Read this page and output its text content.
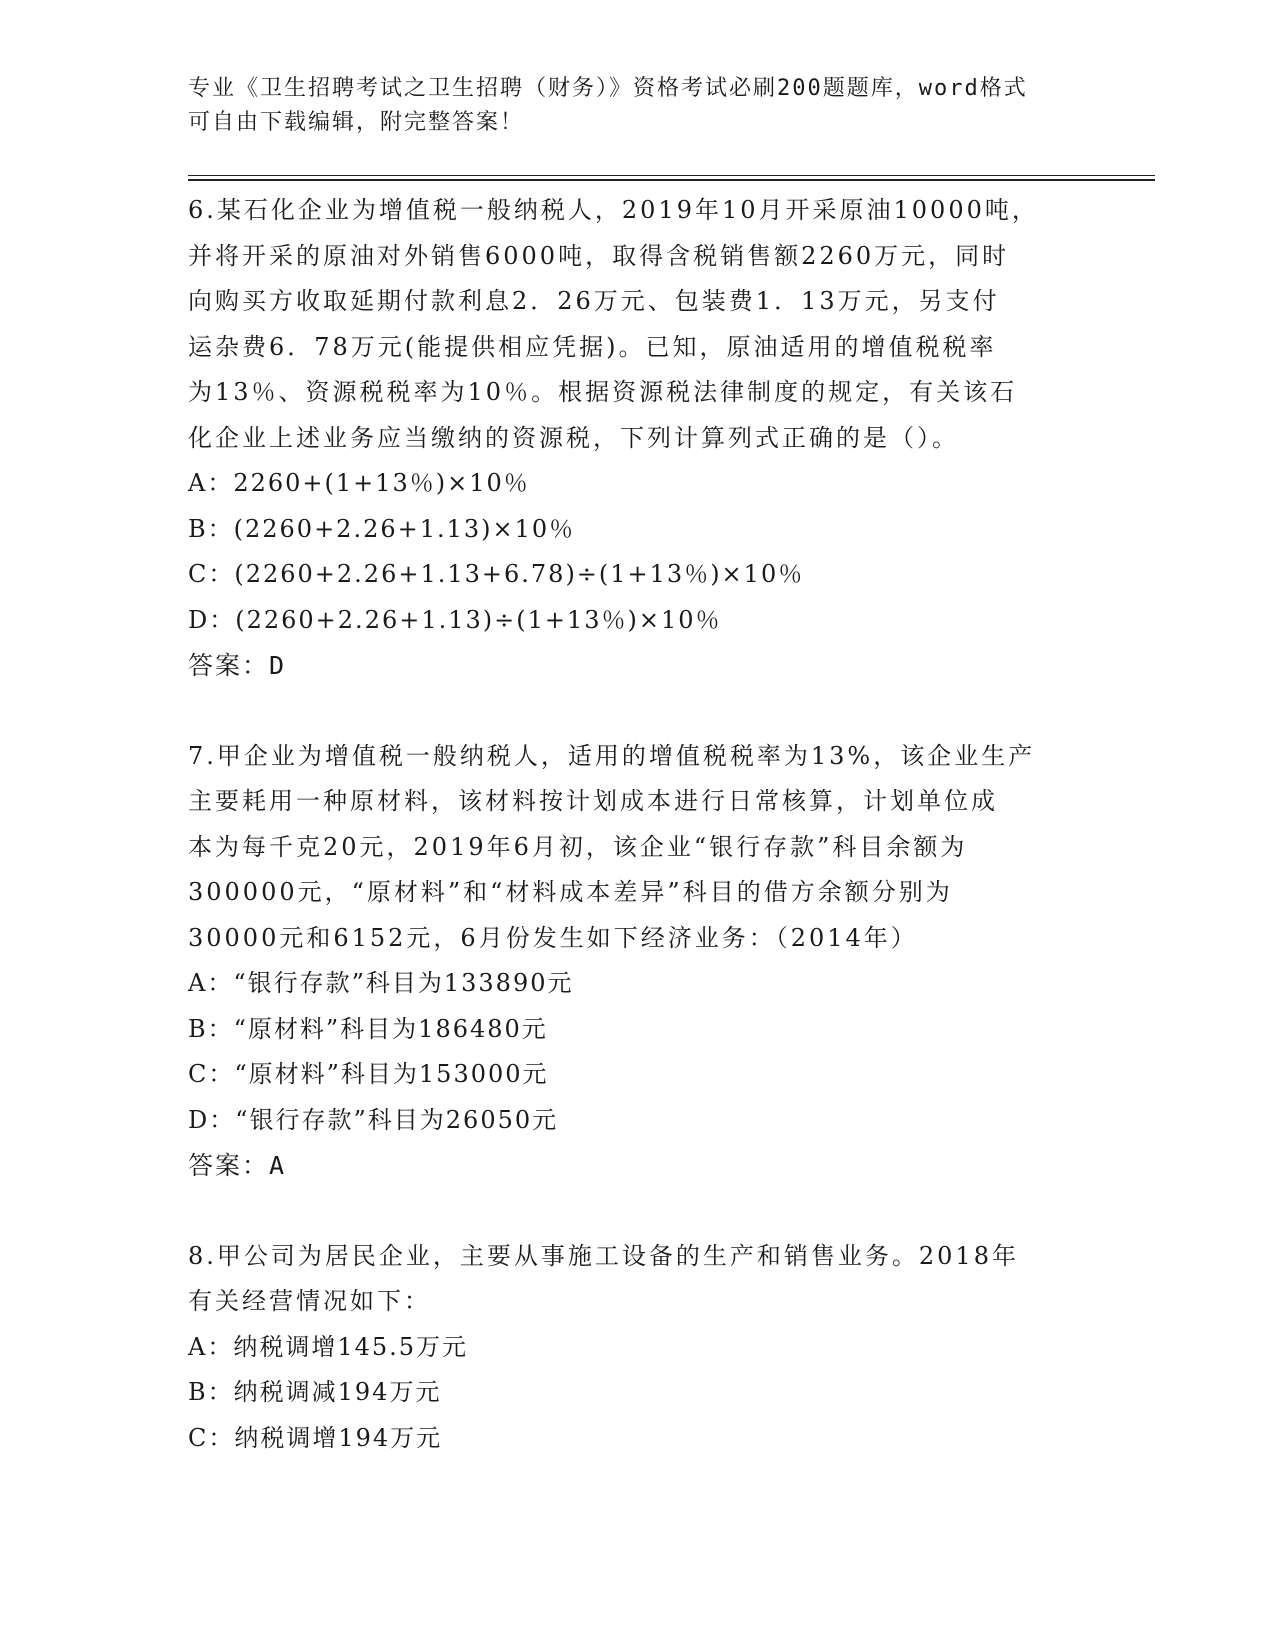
专业《卫生招聘考试之卫生招聘（财务）》资格考试必刷200题题库，word格式
可自由下载编辑，附完整答案！
6.某石化企业为增值税一般纳税人，2019年10月开采原油10000吨，
并将开采的原油对外销售6000吨，取得含税销售额2260万元，同时
向购买方收取延期付款利息2．26万元、包装费1．13万元，另支付
运杂费6．78万元(能提供相应凭据)。已知，原油适用的增值税税率
为13％、资源税税率为10％。根据资源税法律制度的规定，有关该石
化企业上述业务应当缴纳的资源税，下列计算列式正确的是（）。
A：2260+(1+13％)×10％
B：(2260+2.26+1.13)×10％
C：(2260+2.26+1.13+6.78)÷(1+13％)×10％
D：(2260+2.26+1.13)÷(1+13％)×10％
答案：D
7.甲企业为增值税一般纳税人，适用的增值税税率为13%，该企业生产
主要耗用一种原材料，该材料按计划成本进行日常核算，计划单位成
本为每千克20元，2019年6月初，该企业“银行存款”科目余额为
300000元，“原材料”和“材料成本差异”科目的借方余额分别为
30000元和6152元，6月份发生如下经济业务：（2014年）
A：“银行存款”科目为133890元
B：“原材料”科目为186480元
C：“原材料”科目为153000元
D：“银行存款”科目为26050元
答案：A
8.甲公司为居民企业，主要从事施工设备的生产和销售业务。2018年
有关经营情况如下：
A：纳税调增145.5万元
B：纳税调减194万元
C：纳税调增194万元
